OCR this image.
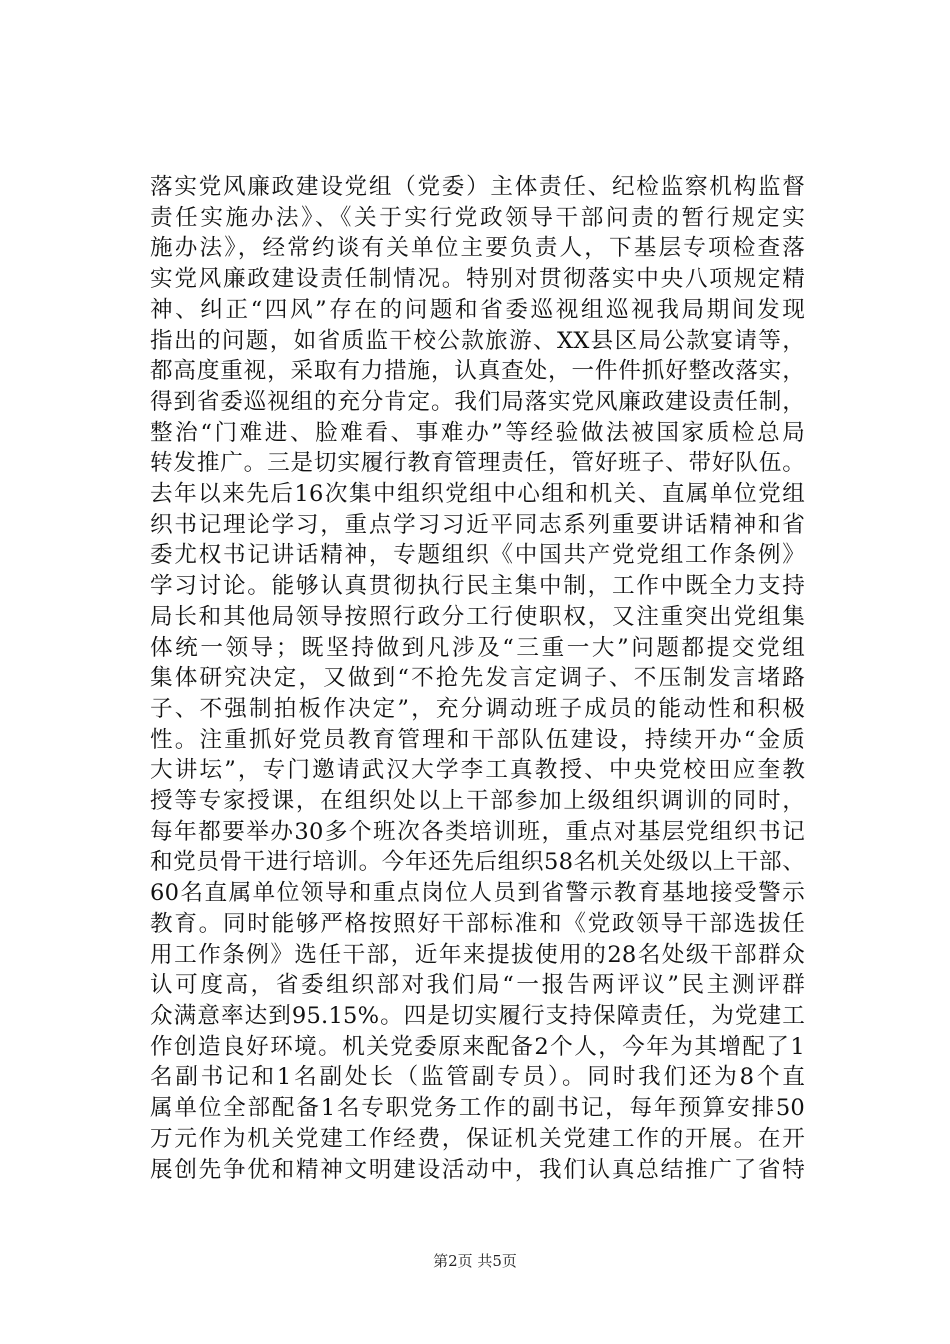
落实党风廉政建设党组（党委）主体责任、纪检监察机构监督
责任实施办法》、《关于实行党政领导干部问责的暂行规定实
施办法》，经常约谈有关单位主要负责人，下基层专项检查落
实党风廉政建设责任制情况。特别对贯彻落实中央八项规定精
神、纠正“四风”存在的问题和省委巡视组巡视我局期间发现
指出的问题，如省质监干校公款旅游、XX县区局公款宴请等，
都高度重视，采取有力措施，认真查处，一件件抓好整改落实，
得到省委巡视组的充分肯定。我们局落实党风廉政建设责任制，
整治“门难进、脸难看、事难办”等经验做法被国家质检总局
转发推广。三是切实履行教育管理责任，管好班子、带好队伍。
去年以来先后16次集中组织党组中心组和机关、直属单位党组
织书记理论学习，重点学习习近平同志系列重要讲话精神和省
委尤权书记讲话精神，专题组织《中国共产党党组工作条例》
学习讨论。能够认真贯彻执行民主集中制，工作中既全力支持
局长和其他局领导按照行政分工行使职权，又注重突出党组集
体统一领导；既坚持做到凡涉及“三重一大”问题都提交党组
集体研究决定，又做到“不抢先发言定调子、不压制发言堵路
子、不强制拍板作决定”，充分调动班子成员的能动性和积极
性。注重抓好党员教育管理和干部队伍建设，持续开办“金质
大讲坛”，专门邀请武汉大学李工真教授、中央党校田应奎教
授等专家授课，在组织处以上干部参加上级组织调训的同时，
每年都要举办30多个班次各类培训班，重点对基层党组织书记
和党员骨干进行培训。今年还先后组织58名机关处级以上干部、
60名直属单位领导和重点岗位人员到省警示教育基地接受警示
教育。同时能够严格按照好干部标准和《党政领导干部选拔任
用工作条例》选任干部，近年来提拔使用的28名处级干部群众
认可度高，省委组织部对我们局“一报告两评议”民主测评群
众满意率达到95.15%。四是切实履行支持保障责任，为党建工
作创造良好环境。机关党委原来配备2个人，今年为其增配了1
名副书记和1名副处长（监管副专员）。同时我们还为8个直
属单位全部配备1名专职党务工作的副书记，每年预算安排50
万元作为机关党建工作经费，保证机关党建工作的开展。在开
展创先争优和精神文明建设活动中，我们认真总结推广了省特
第2页 共5页
